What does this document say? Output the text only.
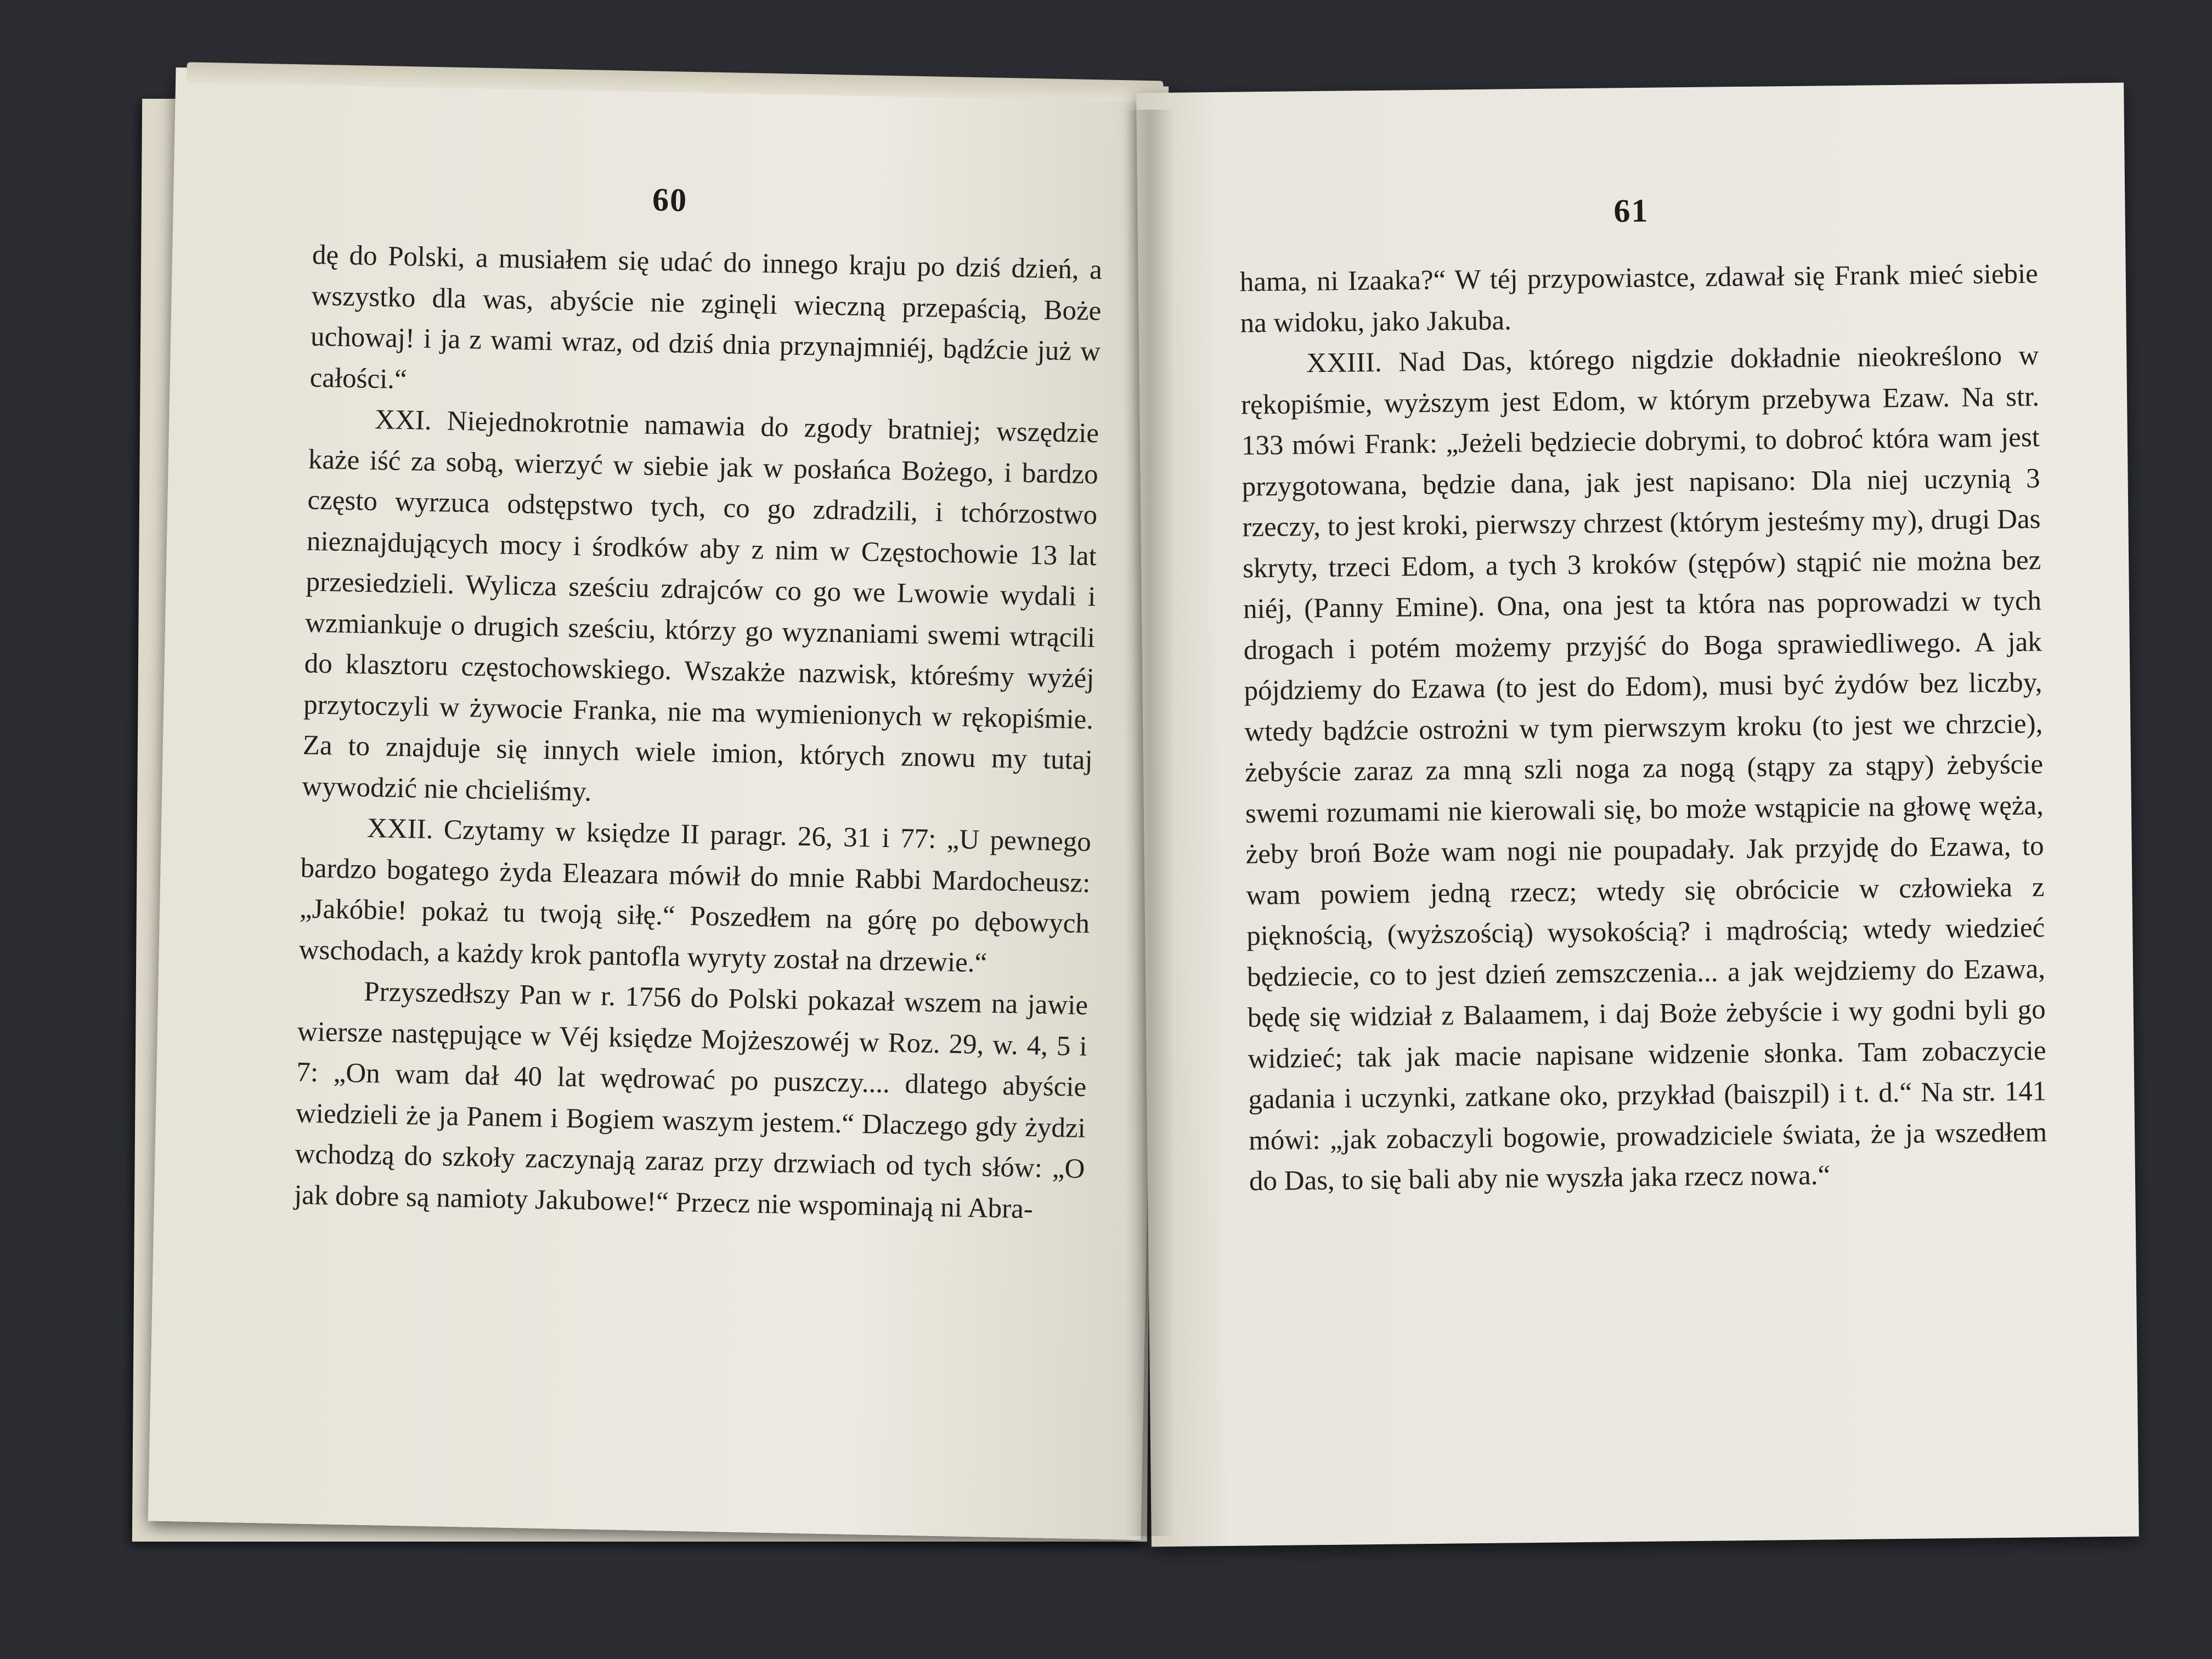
60

dę do Polski, a musiałem się udać do innego kraju po dziś dzień, a wszystko dla was, abyście nie zginęli wieczną przepaścią, Boże uchowaj! i ja z wami wraz, od dziś dnia przynajmniéj, bądźcie już w całości.“

XXI. Niejednokrotnie namawia do zgody bratniej; wszędzie każe iść za sobą, wierzyć w siebie jak w posłańca Bożego, i bardzo często wyrzuca odstępstwo tych, co go zdradzili, i tchórzostwo nieznajdujących mocy i środków aby z nim w Częstochowie 13 lat przesiedzieli. Wylicza sześciu zdrajców co go we Lwowie wydali i wzmiankuje o drugich sześciu, którzy go wyznaniami swemi wtrącili do klasztoru częstochowskiego. Wszakże nazwisk, któreśmy wyżéj przytoczyli w żywocie Franka, nie ma wymienionych w rękopiśmie. Za to znajduje się innych wiele imion, których znowu my tutaj wywodzić nie chcieliśmy.

XXII. Czytamy w księdze II paragr. 26, 31 i 77: „U pewnego bardzo bogatego żyda Eleazara mówił do mnie Rabbi Mardocheusz: „Jakóbie! pokaż tu twoją siłę.“ Poszedłem na górę po dębowych wschodach, a każdy krok pantofla wyryty został na drzewie.“

Przyszedłszy Pan w r. 1756 do Polski pokazał wszem na jawie wiersze następujące w Véj księdze Mojżeszowéj w Roz. 29, w. 4, 5 i 7: „On wam dał 40 lat wędrować po puszczy.... dlatego abyście wiedzieli że ja Panem i Bogiem waszym jestem.“ Dlaczego gdy żydzi wchodzą do szkoły zaczynają zaraz przy drzwiach od tych słów: „O jak dobre są namioty Jakubowe!“ Przecz nie wspominają ni Abra-

61

hama, ni Izaaka?“ W téj przypowiastce, zdawał się Frank mieć siebie na widoku, jako Jakuba.

XXIII. Nad Das, którego nigdzie dokładnie nieokreślono w rękopiśmie, wyższym jest Edom, w którym przebywa Ezaw. Na str. 133 mówi Frank: „Jeżeli będziecie dobrymi, to dobroć która wam jest przygotowana, będzie dana, jak jest napisano: Dla niej uczynią 3 rzeczy, to jest kroki, pierwszy chrzest (którym jesteśmy my), drugi Das skryty, trzeci Edom, a tych 3 kroków (stępów) stąpić nie można bez niéj, (Panny Emine). Ona, ona jest ta która nas poprowadzi w tych drogach i potém możemy przyjść do Boga sprawiedliwego. A jak pójdziemy do Ezawa (to jest do Edom), musi być żydów bez liczby, wtedy bądźcie ostrożni w tym pierwszym kroku (to jest we chrzcie), żebyście zaraz za mną szli noga za nogą (stąpy za stąpy) żebyście swemi rozumami nie kierowali się, bo może wstąpicie na głowę węża, żeby broń Boże wam nogi nie poupadały. Jak przyjdę do Ezawa, to wam powiem jedną rzecz; wtedy się obrócicie w człowieka z pięknością, (wyższością) wysokością? i mądrością; wtedy wiedzieć będziecie, co to jest dzień zemszczenia... a jak wejdziemy do Ezawa, będę się widział z Balaamem, i daj Boże żebyście i wy godni byli go widzieć; tak jak macie napisane widzenie słonka. Tam zobaczycie gadania i uczynki, zatkane oko, przykład (baiszpil) i t. d.“ Na str. 141 mówi: „jak zobaczyli bogowie, prowadziciele świata, że ja wszedłem do Das, to się bali aby nie wyszła jaka rzecz nowa.“
